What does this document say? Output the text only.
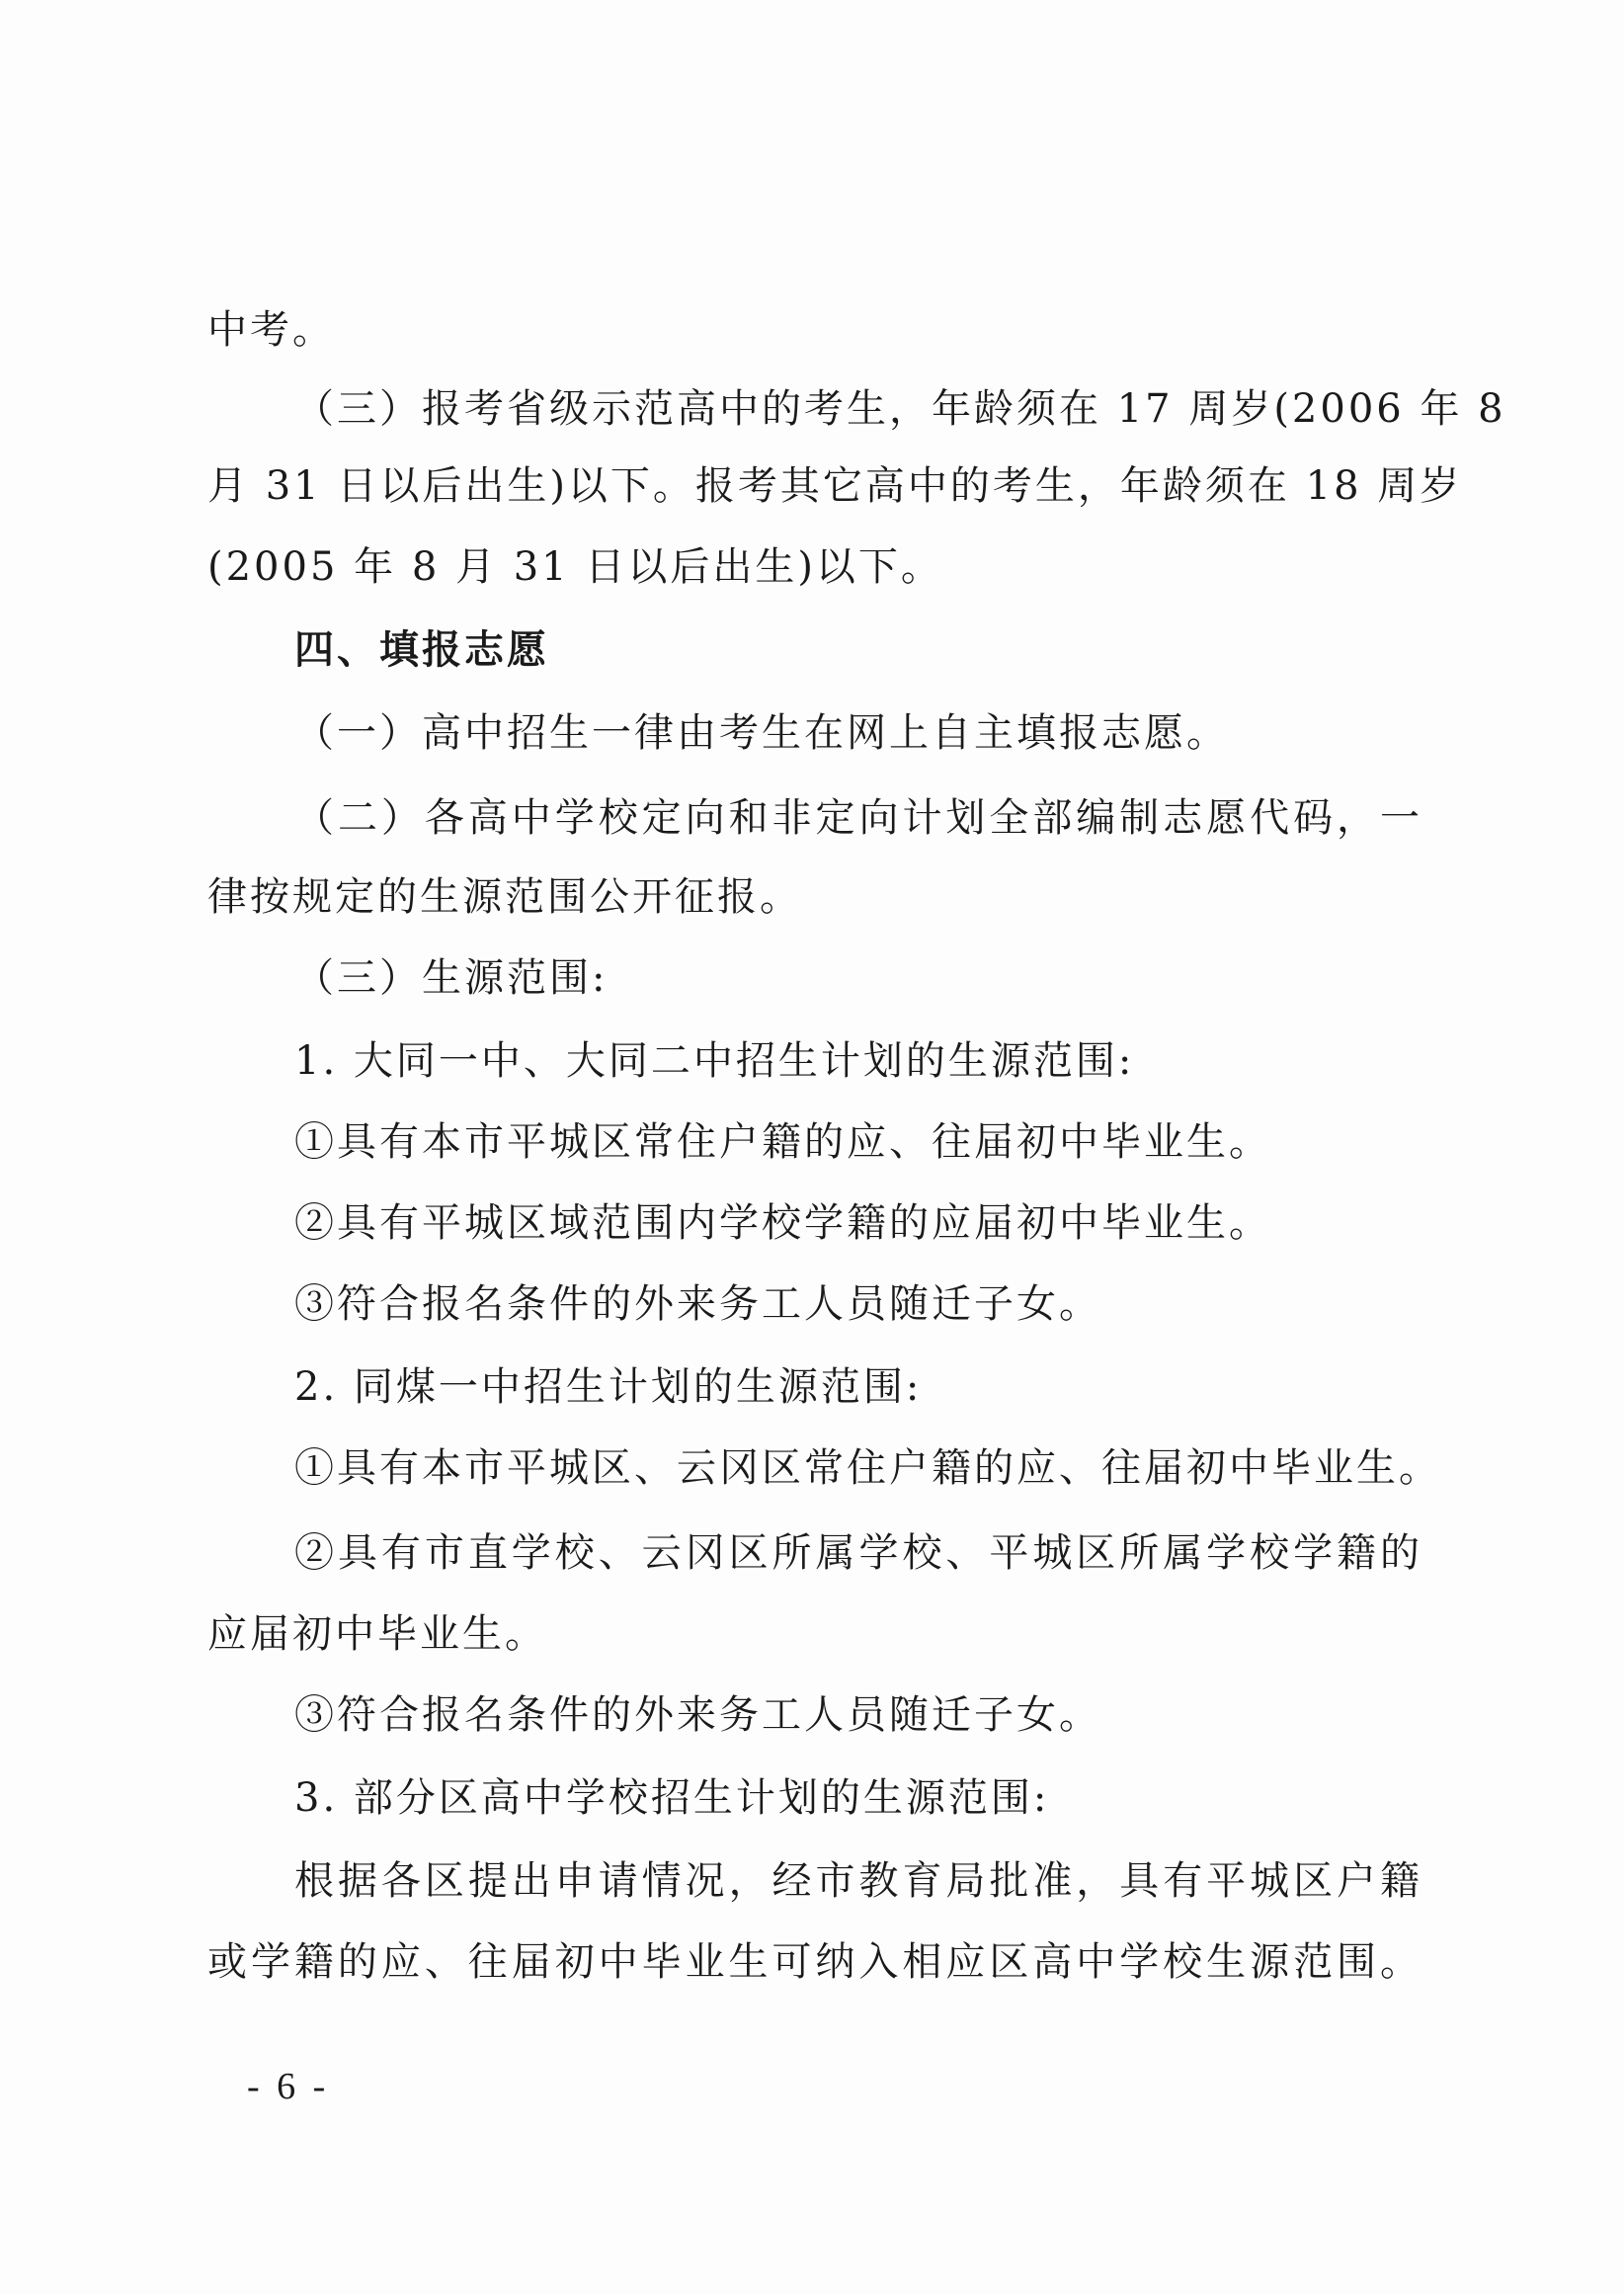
中考。
（三）报考省级示范高中的考生，年龄须在 17 周岁(2006 年 8
月 31 日以后出生)以下。报考其它高中的考生，年龄须在 18 周岁
(2005 年 8 月 31 日以后出生)以下。
四、填报志愿
（一）高中招生一律由考生在网上自主填报志愿。
（二）各高中学校定向和非定向计划全部编制志愿代码，一
律按规定的生源范围公开征报。
（三）生源范围:
1. 大同一中、大同二中招生计划的生源范围:
①具有本市平城区常住户籍的应、往届初中毕业生。
②具有平城区域范围内学校学籍的应届初中毕业生。
③符合报名条件的外来务工人员随迁子女。
2. 同煤一中招生计划的生源范围:
①具有本市平城区、云冈区常住户籍的应、往届初中毕业生。
②具有市直学校、云冈区所属学校、平城区所属学校学籍的
应届初中毕业生。
③符合报名条件的外来务工人员随迁子女。
3. 部分区高中学校招生计划的生源范围:
根据各区提出申请情况，经市教育局批准，具有平城区户籍
或学籍的应、往届初中毕业生可纳入相应区高中学校生源范围。
- 6 -
